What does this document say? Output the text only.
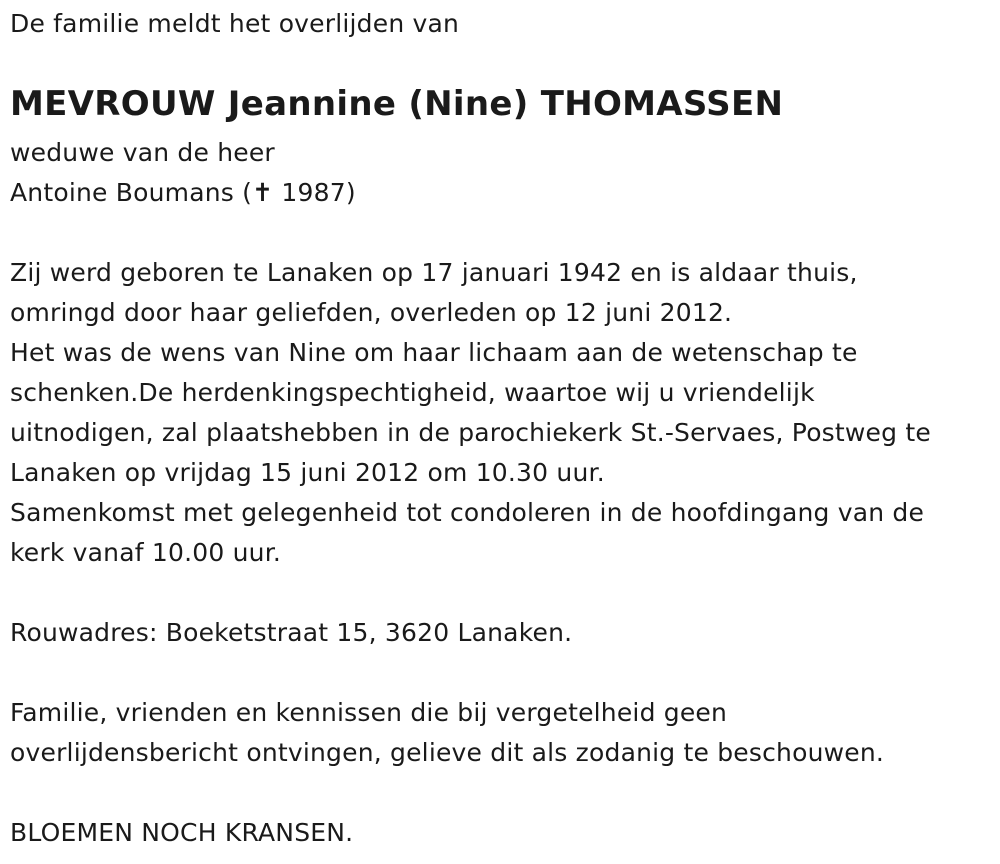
De familie meldt het overlijden van
MEVROUW Jeannine (Nine) THOMASSEN
weduwe van de heer
Antoine Boumans (✝ 1987)
Zij werd geboren te Lanaken op 17 januari 1942 en is aldaar thuis,
omringd door haar geliefden, overleden op 12 juni 2012.
Het was de wens van Nine om haar lichaam aan de wetenschap te
schenken.De herdenkingspechtigheid, waartoe wij u vriendelijk
uitnodigen, zal plaatshebben in de parochiekerk St.-Servaes, Postweg te
Lanaken op vrijdag 15 juni 2012 om 10.30 uur.
Samenkomst met gelegenheid tot condoleren in de hoofdingang van de
kerk vanaf 10.00 uur.
Rouwadres: Boeketstraat 15, 3620 Lanaken.
Familie, vrienden en kennissen die bij vergetelheid geen
overlijdensbericht ontvingen, gelieve dit als zodanig te beschouwen.
BLOEMEN NOCH KRANSEN.
